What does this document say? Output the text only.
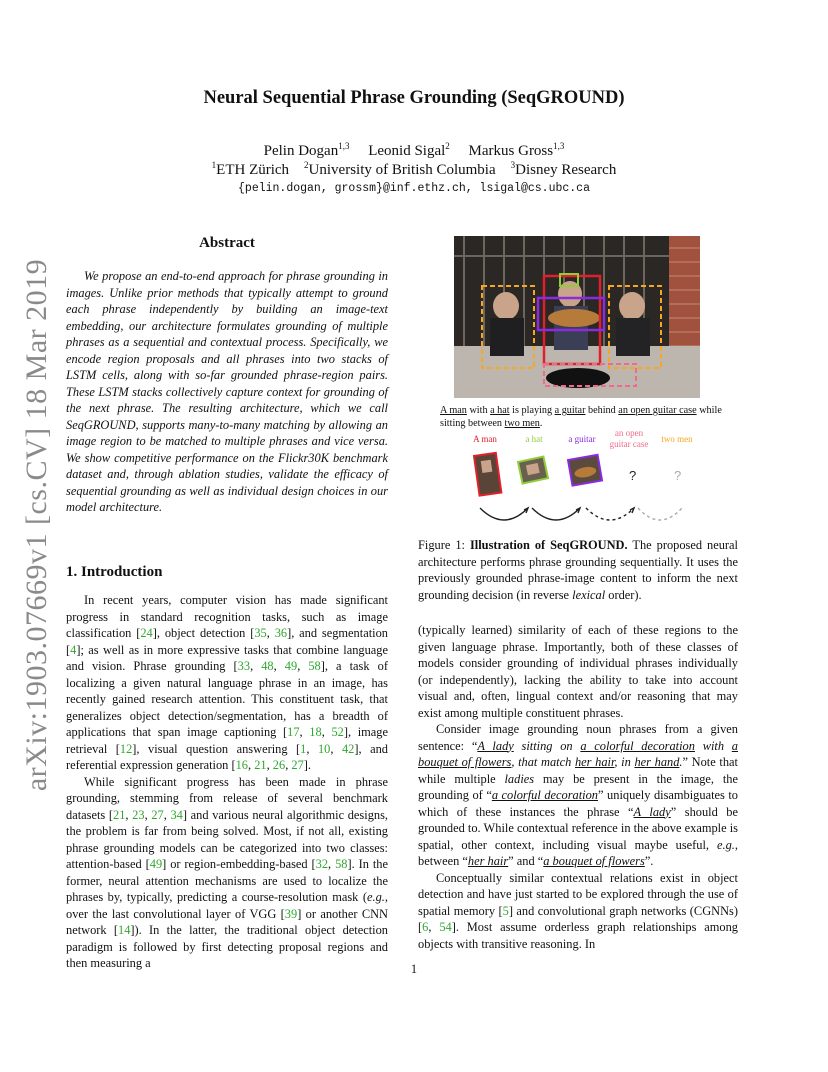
Neural Sequential Phrase Grounding (SeqGROUND)
Pelin Dogan$^{1,3}$ Leonid Sigal$^2$ Markus Gross$^{1,3}$
$^1$ETH Zürich $^2$University of British Columbia $^3$Disney Research
{pelin.dogan, grossm}@inf.ethz.ch, lsigal@cs.ubc.ca
arXiv:1903.07669v1 [cs.CV] 18 Mar 2019
Abstract
We propose an end-to-end approach for phrase grounding in images. Unlike prior methods that typically attempt to ground each phrase independently by building an image-text embedding, our architecture formulates grounding of multiple phrases as a sequential and contextual process. Specifically, we encode region proposals and all phrases into two stacks of LSTM cells, along with so-far grounded phrase-region pairs. These LSTM stacks collectively capture context for grounding of the next phrase. The resulting architecture, which we call SeqGROUND, supports many-to-many matching by allowing an image region to be matched to multiple phrases and vice versa. We show competitive performance on the Flickr30K benchmark dataset and, through ablation studies, validate the efficacy of sequential grounding as well as individual design choices in our model architecture.
1. Introduction

In recent years, computer vision has made significant progress in standard recognition tasks, such as image classification [24], object detection [35, 36], and segmentation [4]; as well as in more expressive tasks that combine language and vision. Phrase grounding [33, 48, 49, 58], a task of localizing a given natural language phrase in an image, has recently gained research attention. This constituent task, that generalizes object detection/segmentation, has a breadth of applications that span image captioning [17, 18, 52], image retrieval [12], visual question answering [1, 10, 42], and referential expression generation [16, 21, 26, 27].

While significant progress has been made in phrase grounding, stemming from release of several benchmark datasets [21, 23, 27, 34] and various neural algorithmic designs, the problem is far from being solved. Most, if not all, existing phrase grounding models can be categorized into two classes: attention-based [49] or region-embedding-based [32, 58]. In the former, neural attention mechanisms are used to localize the phrases by, typically, predicting a course-resolution mask (e.g., over the last convolutional layer of VGG [39] or another CNN network [14]). In the latter, the traditional object detection paradigm is followed by first detecting proposal regions and then measuring a

A man with a hat is playing a guitar behind an open guitar case while sitting between two men.
A man	a hat	a guitar
an open guitar case	two men
?	?
Figure 1: Illustration of SeqGROUND. The proposed neural architecture performs phrase grounding sequentially. It uses the previously grounded phrase-image content to inform the next grounding decision (in reverse lexical order).

(typically learned) similarity of each of these regions to the given language phrase. Importantly, both of these classes of models consider grounding of individual phrases individually (or independently), lacking the ability to take into account visual and, often, lingual context and/or reasoning that may exist among multiple constituent phrases.

Consider image grounding noun phrases from a given sentence: “A lady sitting on a colorful decoration with a bouquet of flowers, that match her hair, in her hand.” Note that while multiple ladies may be present in the image, the grounding of “a colorful decoration” uniquely disambiguates to which of these instances the phrase “A lady” should be grounded to. While contextual reference in the above example is spatial, other context, including visual maybe useful, e.g., between “her hair” and “a bouquet of flowers”.

Conceptually similar contextual relations exist in object detection and have just started to be explored through the use of spatial memory [5] and convolutional graph networks (CGNNs) [6, 54]. Most assume orderless graph relationships among objects with transitive reasoning. In

1
